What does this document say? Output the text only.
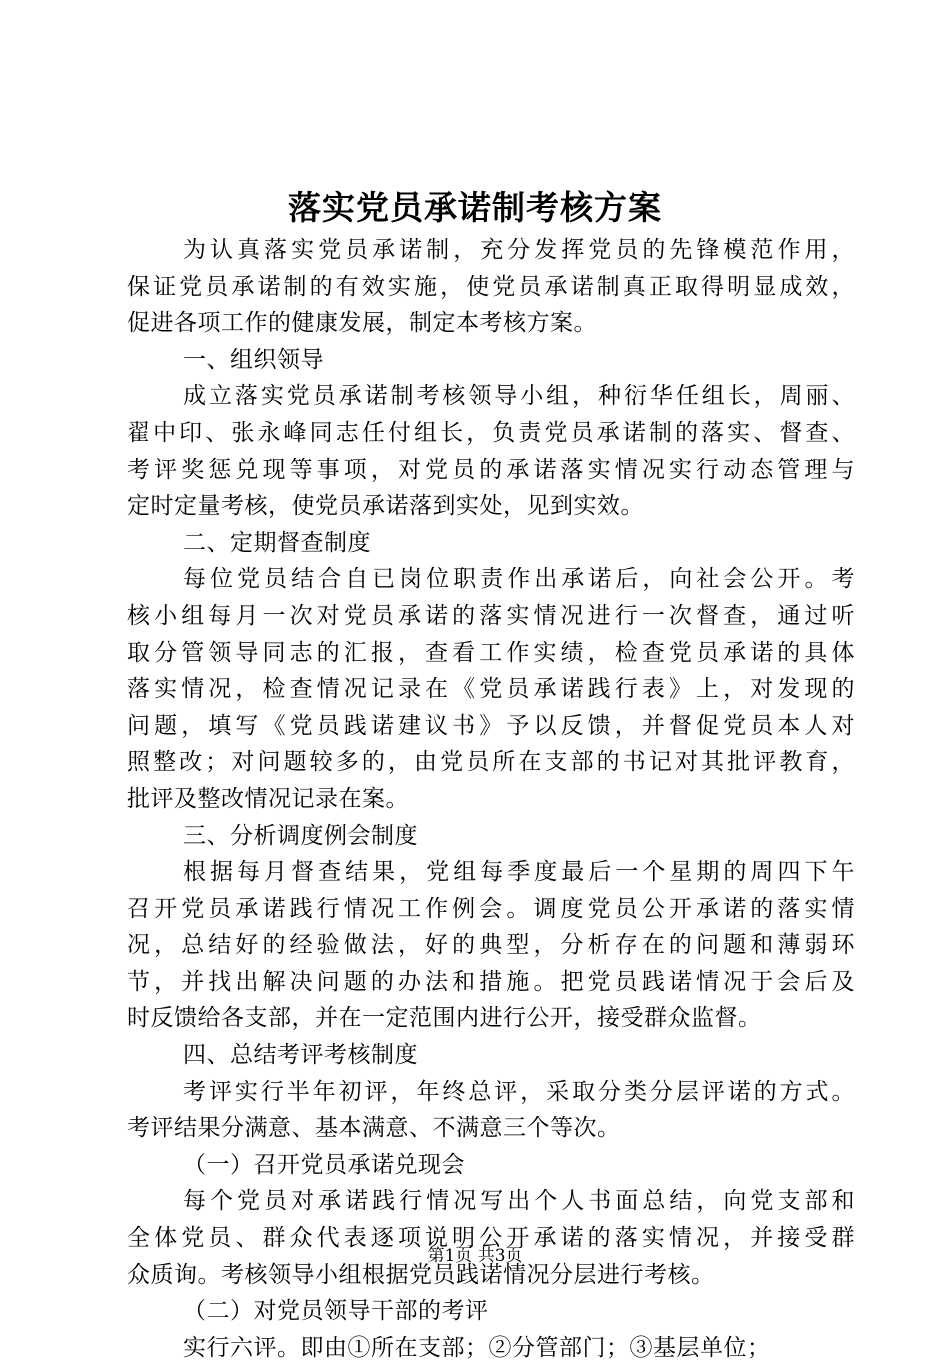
落实党员承诺制考核方案
为认真落实党员承诺制，充分发挥党员的先锋模范作用，
保证党员承诺制的有效实施，使党员承诺制真正取得明显成效，
促进各项工作的健康发展，制定本考核方案。
一、组织领导
成立落实党员承诺制考核领导小组，种衍华任组长，周丽、
翟中印、张永峰同志任付组长，负责党员承诺制的落实、督查、
考评奖惩兑现等事项，对党员的承诺落实情况实行动态管理与
定时定量考核，使党员承诺落到实处，见到实效。
二、定期督查制度
每位党员结合自已岗位职责作出承诺后，向社会公开。考
核小组每月一次对党员承诺的落实情况进行一次督查，通过听
取分管领导同志的汇报，查看工作实绩，检查党员承诺的具体
落实情况，检查情况记录在《党员承诺践行表》上，对发现的
问题，填写《党员践诺建议书》予以反馈，并督促党员本人对
照整改；对问题较多的，由党员所在支部的书记对其批评教育，
批评及整改情况记录在案。
三、分析调度例会制度
根据每月督查结果，党组每季度最后一个星期的周四下午
召开党员承诺践行情况工作例会。调度党员公开承诺的落实情
况，总结好的经验做法，好的典型，分析存在的问题和薄弱环
节，并找出解决问题的办法和措施。把党员践诺情况于会后及
时反馈给各支部，并在一定范围内进行公开，接受群众监督。
四、总结考评考核制度
考评实行半年初评，年终总评，采取分类分层评诺的方式。
考评结果分满意、基本满意、不满意三个等次。
（一）召开党员承诺兑现会
每个党员对承诺践行情况写出个人书面总结，向党支部和
全体党员、群众代表逐项说明公开承诺的落实情况，并接受群
众质询。考核领导小组根据党员践诺情况分层进行考核。
（二）对党员领导干部的考评
实行六评。即由①所在支部；②分管部门；③基层单位；
第1页 共3页
